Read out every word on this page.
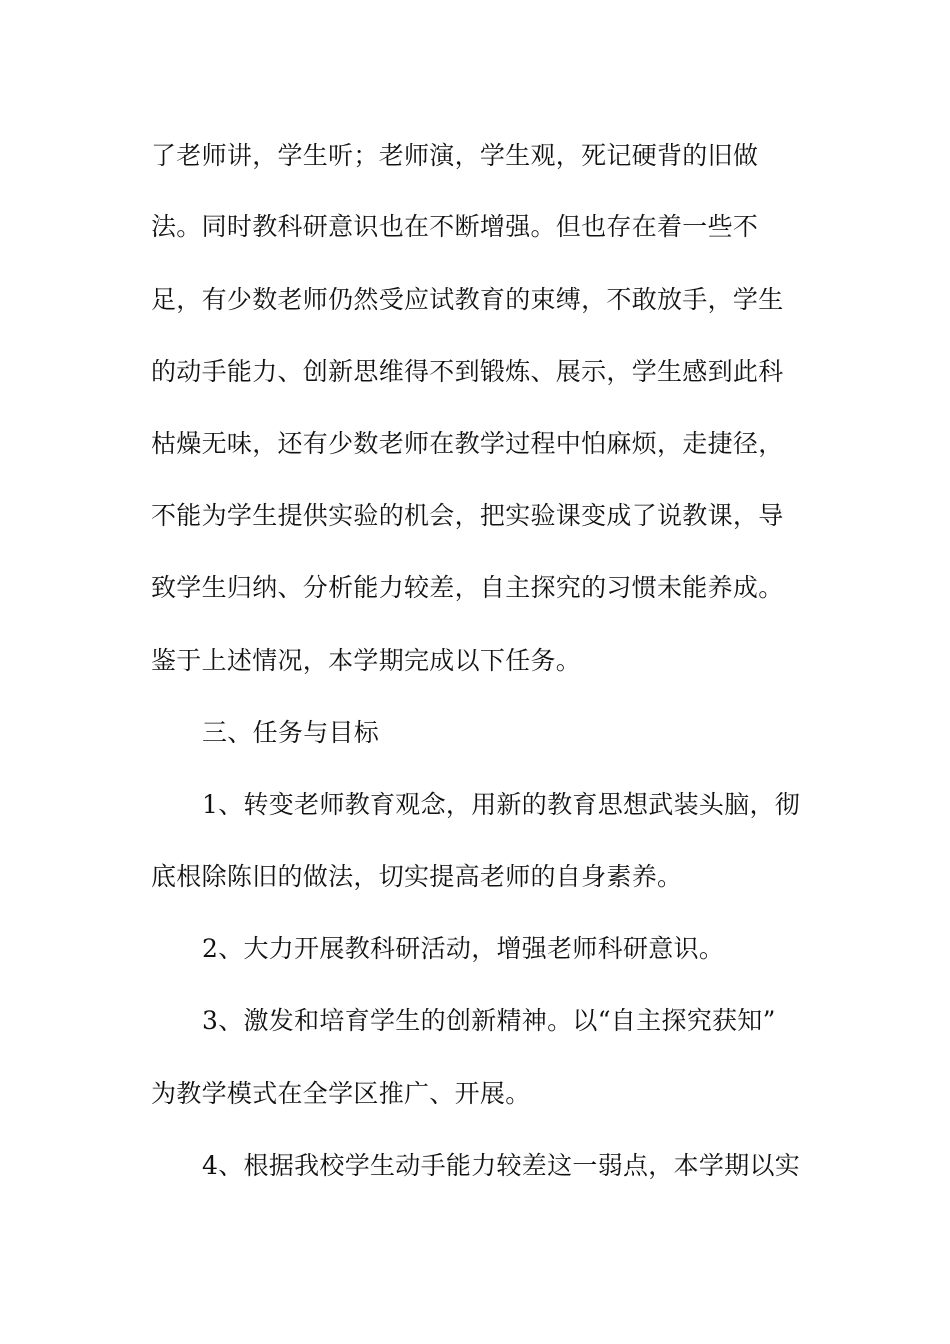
了老师讲，学生听；老师演，学生观，死记硬背的旧做
法。同时教科研意识也在不断增强。但也存在着一些不
足，有少数老师仍然受应试教育的束缚，不敢放手，学生
的动手能力、创新思维得不到锻炼、展示，学生感到此科
枯燥无味，还有少数老师在教学过程中怕麻烦，走捷径，
不能为学生提供实验的机会，把实验课变成了说教课，导
致学生归纳、分析能力较差，自主探究的习惯未能养成。
鉴于上述情况，本学期完成以下任务。
三、任务与目标
1、转变老师教育观念，用新的教育思想武装头脑，彻
底根除陈旧的做法，切实提高老师的自身素养。
2、大力开展教科研活动，增强老师科研意识。
3、激发和培育学生的创新精神。以“自主探究获知”
为教学模式在全学区推广、开展。
4、根据我校学生动手能力较差这一弱点，本学期以实
